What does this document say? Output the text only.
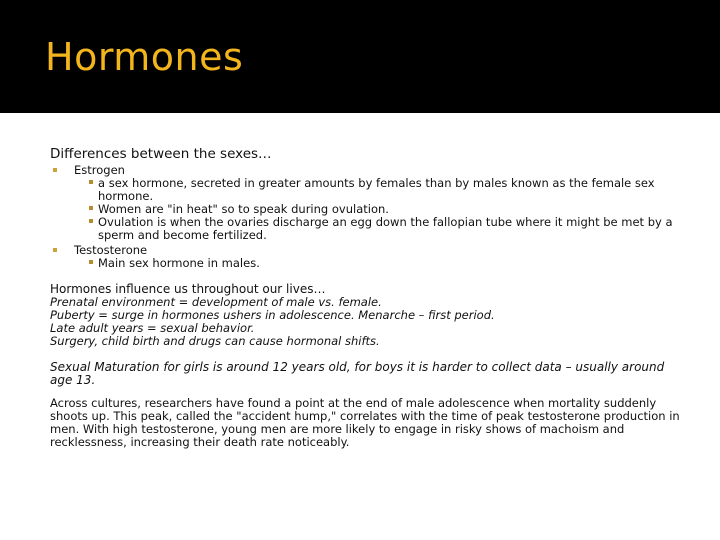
Hormones
Differences between the sexes…
Estrogen
a sex hormone, secreted in greater amounts by females than by males known as the female sex hormone.
Women are "in heat" so to speak during ovulation.
Ovulation is when the ovaries discharge an egg down the fallopian tube where it might be met by a sperm and become fertilized.
Testosterone
Main sex hormone in males.
Hormones influence us throughout our lives…
Prenatal environment = development of male vs. female.
Puberty = surge in hormones ushers in adolescence. Menarche – first period.
Late adult years = sexual behavior.
Surgery, child birth and drugs can cause hormonal shifts.
Sexual Maturation for girls is around 12 years old, for boys it is harder to collect data – usually around age 13.
Across cultures, researchers have found a point at the end of male adolescence when mortality suddenly shoots up. This peak, called the "accident hump," correlates with the time of peak testosterone production in men. With high testosterone, young men are more likely to engage in risky shows of machoism and recklessness, increasing their death rate noticeably.
